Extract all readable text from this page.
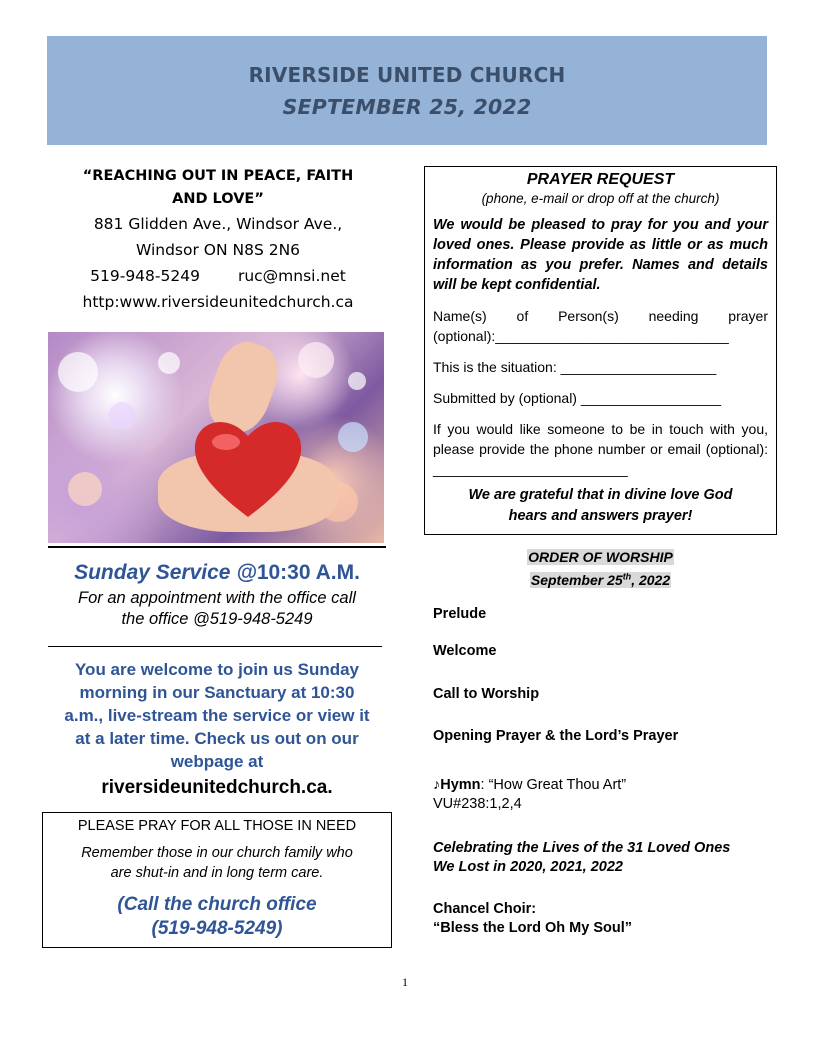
RIVERSIDE UNITED CHURCH
SEPTEMBER 25, 2022
“REACHING OUT IN PEACE, FAITH
AND LOVE”
881 Glidden Ave., Windsor Ave.,
Windsor ON N8S 2N6
519-948-5249 ruc@mnsi.net
http:www.riversideunitedchurch.ca
Sunday Service @10:30 A.M.
For an appointment with the office call
the office @519-948-5249
You are welcome to join us Sunday
morning in our Sanctuary at 10:30
a.m., live-stream the service or view it
at a later time. Check us out on our
webpage at
riversideunitedchurch.ca.
PLEASE PRAY FOR ALL THOSE IN NEED
Remember those in our church family who
are shut-in and in long term care.
(Call the church office
(519-948-5249)
PRAYER REQUEST
(phone, e-mail or drop off at the church)
We would be pleased to pray for you and your loved ones. Please provide as little or as much information as you prefer. Names and details will be kept confidential.
Name(s) of Person(s) needing prayer (optional):______________________________
This is the situation: ____________________
Submitted by (optional) __________________
If you would like someone to be in touch with you, please provide the phone number or email (optional): _________________________
We are grateful that in divine love God
hears and answers prayer!
ORDER OF WORSHIP
September 25th, 2022
Prelude
Welcome
Call to Worship
Opening Prayer & the Lord’s Prayer
♪Hymn: “How Great Thou Art”
VU#238:1,2,4
Celebrating the Lives of the 31 Loved Ones
We Lost in 2020, 2021, 2022
Chancel Choir:
“Bless the Lord Oh My Soul”
1
